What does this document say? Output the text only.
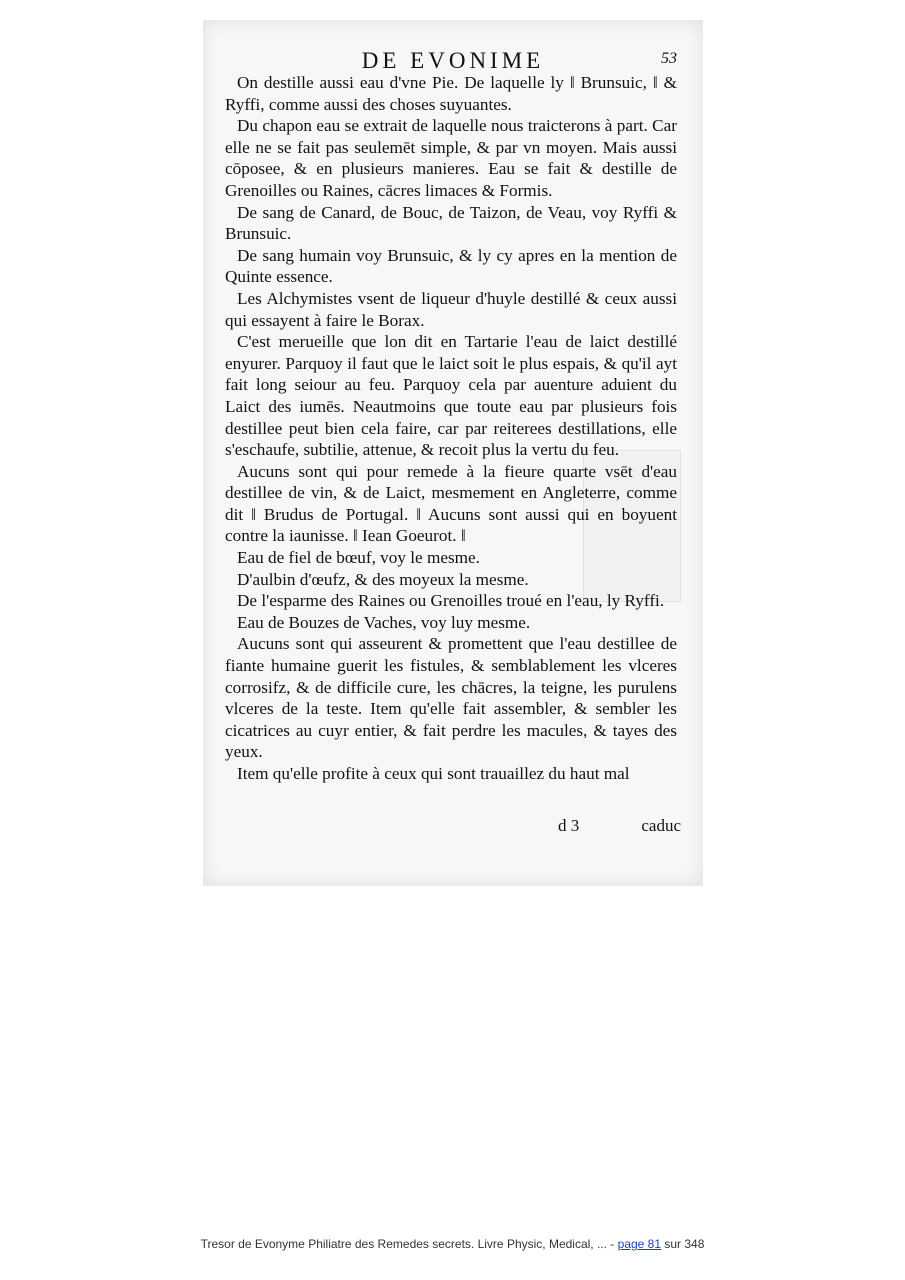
DE EVONIME	53

On destille aussi eau d'vne Pie. De laquelle ly ‖ Brunsuic, ‖ & Ryffi, comme aussi des choses suyuantes.

Du chapon eau se extrait de laquelle nous traicterons à part. Car elle ne se fait pas seulemēt simple, & par vn moyen. Mais aussi cōposee, & en plusieurs manieres. Eau se fait & destille de Grenoilles ou Raines, cācres limaces & Formis.

De sang de Canard, de Bouc, de Taizon, de Veau, voy Ryffi & Brunsuic.

De sang humain voy Brunsuic, & ly cy apres en la mention de Quinte essence.

Les Alchymistes vsent de liqueur d'huyle destillé & ceux aussi qui essayent à faire le Borax.

C'est merueille que lon dit en Tartarie l'eau de laict destillé enyurer. Parquoy il faut que le laict soit le plus espais, & qu'il ayt fait long seiour au feu. Parquoy cela par auenture aduient du Laict des iumēs. Neautmoins que toute eau par plusieurs fois destillee peut bien cela faire, car par reiterees destillations, elle s'eschaufe, subtilie, attenue, & recoit plus la vertu du feu.

Aucuns sont qui pour remede à la fieure quarte vsēt d'eau destillee de vin, & de Laict, mesmement en Angleterre, comme dit ‖ Brudus de Portugal. ‖ Aucuns sont aussi qui en boyuent contre la iaunisse. ‖ Iean Goeurot. ‖

Eau de fiel de bœuf, voy le mesme.

D'aulbin d'œufz, & des moyeux la mesme.

De l'esparme des Raines ou Grenoilles troué en l'eau, ly Ryffi.

Eau de Bouzes de Vaches, voy luy mesme.

Aucuns sont qui asseurent & promettent que l'eau destillee de fiante humaine guerit les fistules, & semblablement les vlceres corrosifz, & de difficile cure, les chācres, la teigne, les purulens vlceres de la teste. Item qu'elle fait assembler, & sembler les cicatrices au cuyr entier, & fait perdre les macules, & tayes des yeux.

Item qu'elle profite à ceux qui sont trauaillez du haut mal

d 3	caduc
Tresor de Evonyme Philiatre des Remedes secrets. Livre Physic, Medical, ... - page 81 sur 348
